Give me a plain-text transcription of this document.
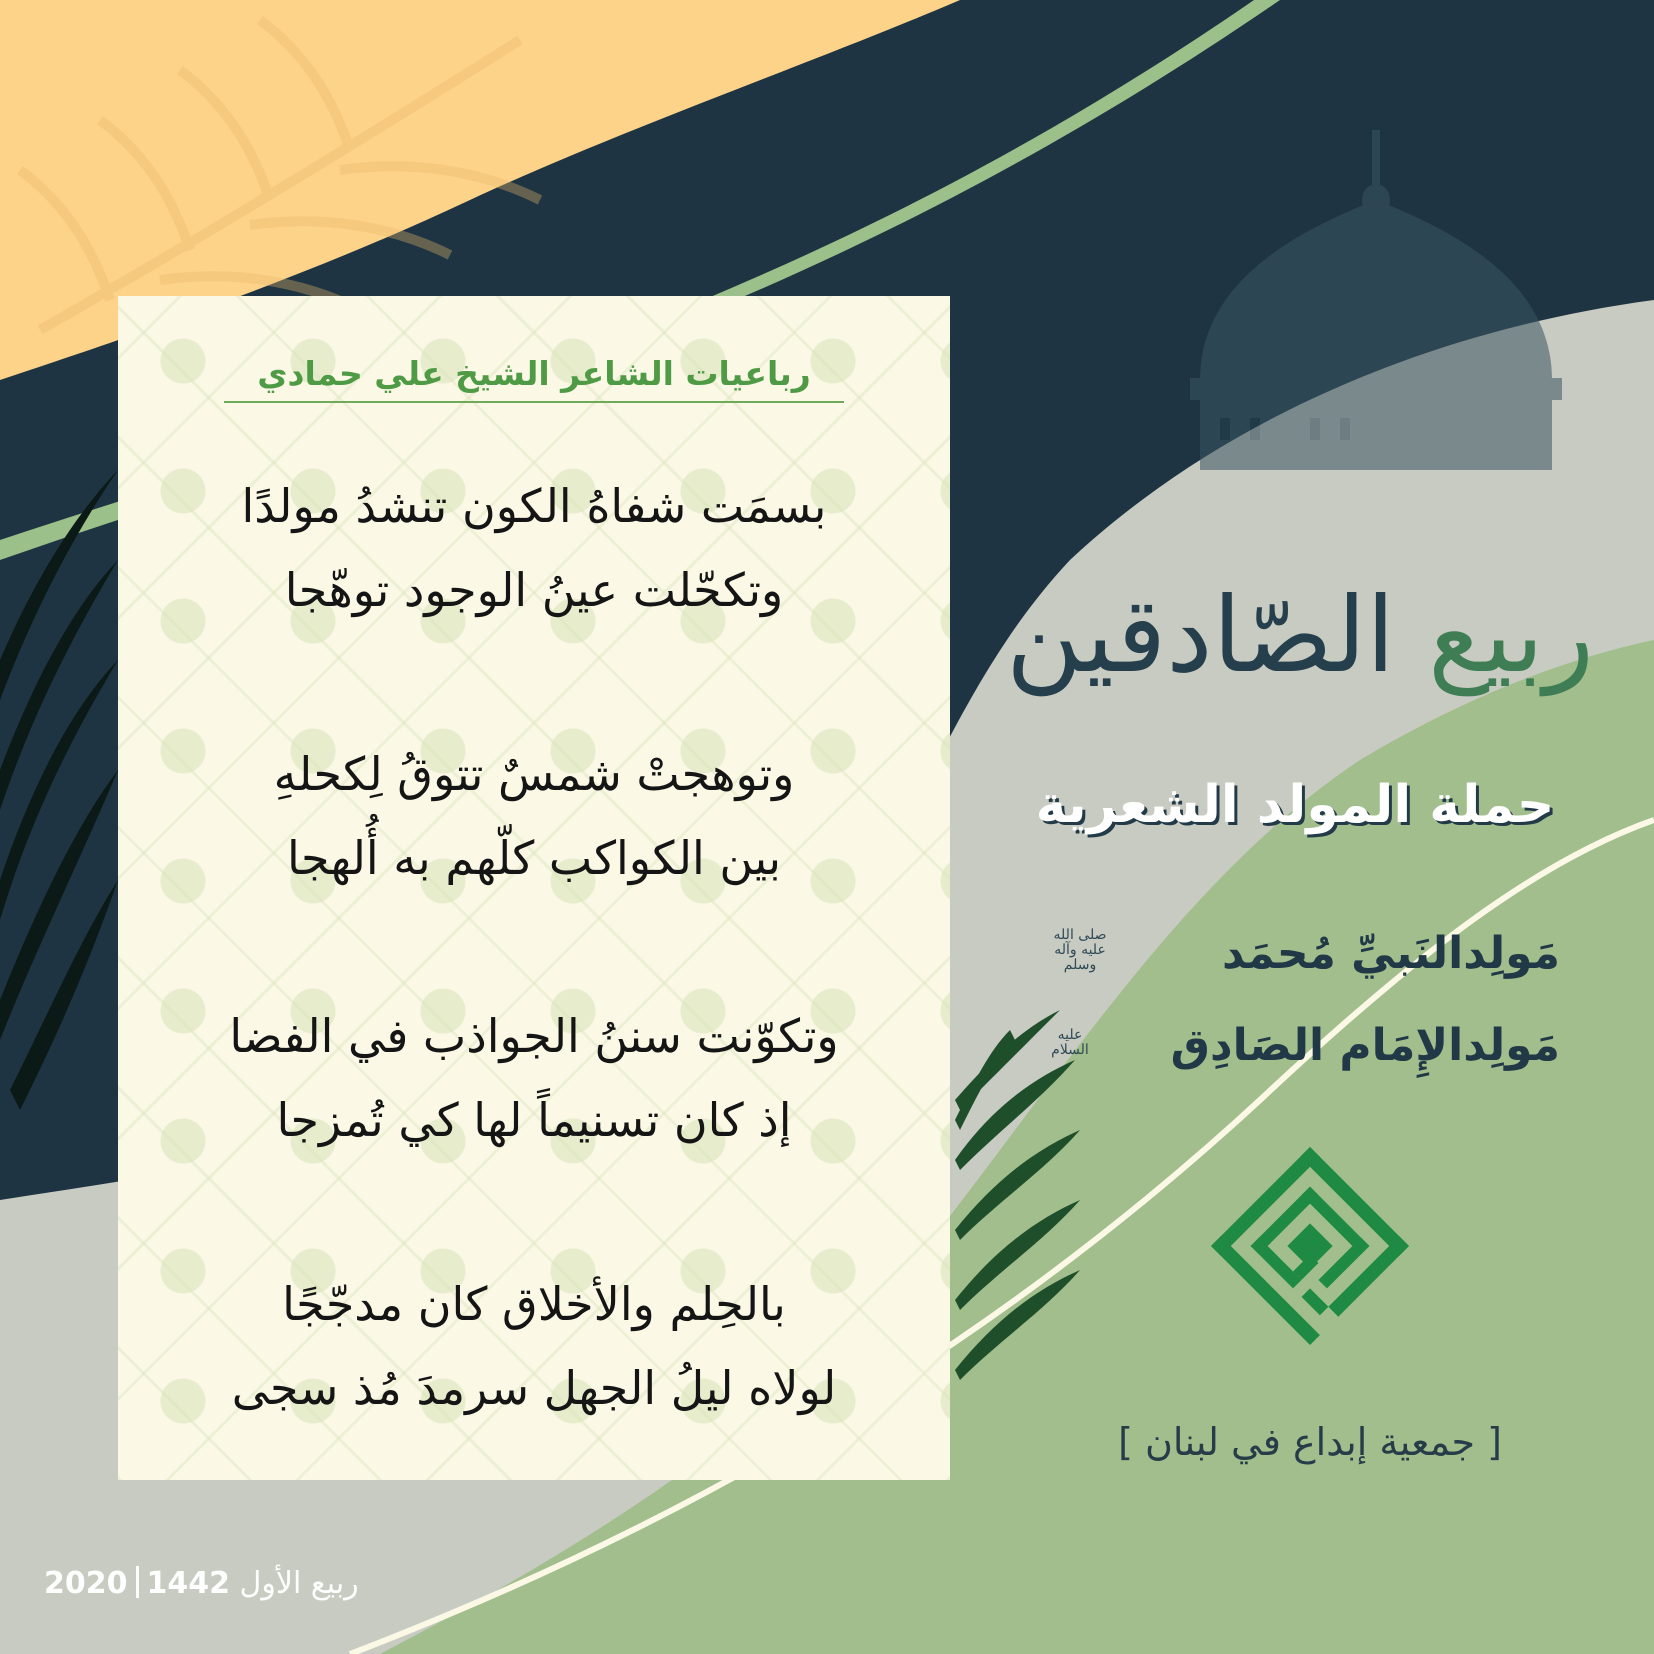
رباعيات الشاعر الشيخ علي حمادي
بسمَت شفاهُ الكون تنشدُ مولدًا
وتكحّلت عينُ الوجود توهّجا
وتوهجتْ شمسٌ تتوقُ لِكحلهِ
بين الكواكب كلّهم به أُلهجا
وتكوّنت سننُ الجواذب في الفضا
إذ كان تسنيماً لها كي تُمزجا
بالحِلم والأخلاق كان مدجّجًا
لولاه ليلُ الجهل سرمدَ مُذ سجى
ربيع الصّادقين
حملة المولد الشعرية
مَولِدالنَبيِّ مُحمَد
صلى الله عليه وآله وسلم
مَولِدالإِمَام الصَادِق
عليه السلام
[ جمعية إبداع في لبنان ]
2020 1442 ربيع الأول
